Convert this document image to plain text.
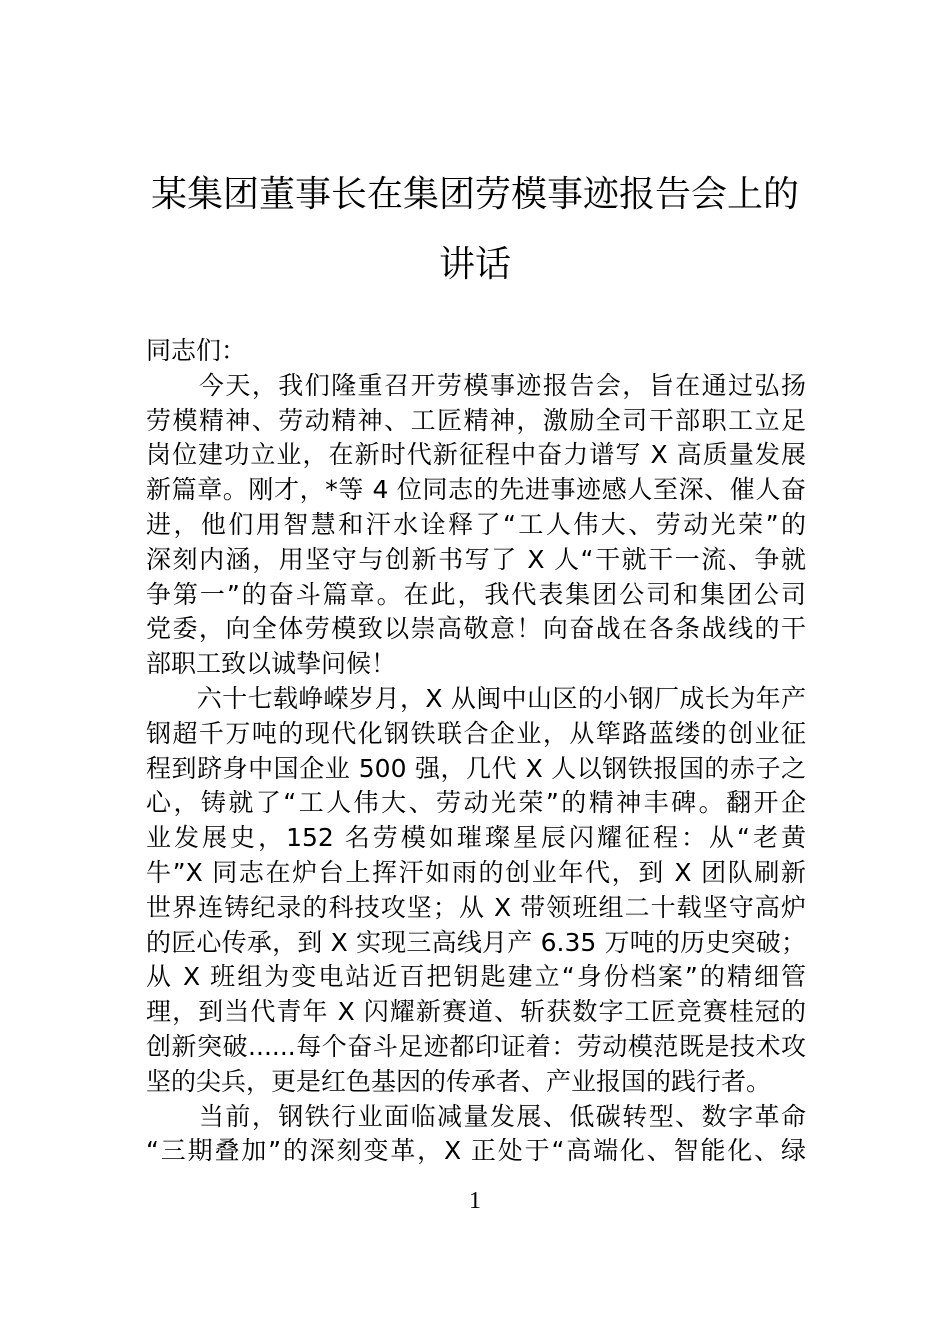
某集团董事长在集团劳模事迹报告会上的
讲话
同志们：
　　今天，我们隆重召开劳模事迹报告会，旨在通过弘扬
劳模精神、劳动精神、工匠精神，激励全司干部职工立足
岗位建功立业，在新时代新征程中奋力谱写 X 高质量发展
新篇章。刚才，*等 4 位同志的先进事迹感人至深、催人奋
进，他们用智慧和汗水诠释了“工人伟大、劳动光荣”的
深刻内涵，用坚守与创新书写了 X 人“干就干一流、争就
争第一”的奋斗篇章。在此，我代表集团公司和集团公司
党委，向全体劳模致以崇高敬意！向奋战在各条战线的干
部职工致以诚挚问候！
　　六十七载峥嵘岁月，X 从闽中山区的小钢厂成长为年产
钢超千万吨的现代化钢铁联合企业，从筚路蓝缕的创业征
程到跻身中国企业 500 强，几代 X 人以钢铁报国的赤子之
心，铸就了“工人伟大、劳动光荣”的精神丰碑。翻开企
业发展史，152 名劳模如璀璨星辰闪耀征程：从“老黄
牛”X 同志在炉台上挥汗如雨的创业年代，到 X 团队刷新
世界连铸纪录的科技攻坚；从 X 带领班组二十载坚守高炉
的匠心传承，到 X 实现三高线月产 6.35 万吨的历史突破；
从 X 班组为变电站近百把钥匙建立“身份档案”的精细管
理，到当代青年 X 闪耀新赛道、斩获数字工匠竞赛桂冠的
创新突破......每个奋斗足迹都印证着：劳动模范既是技术攻
坚的尖兵，更是红色基因的传承者、产业报国的践行者。
　　当前，钢铁行业面临减量发展、低碳转型、数字革命
“三期叠加”的深刻变革，X 正处于“高端化、智能化、绿
1
